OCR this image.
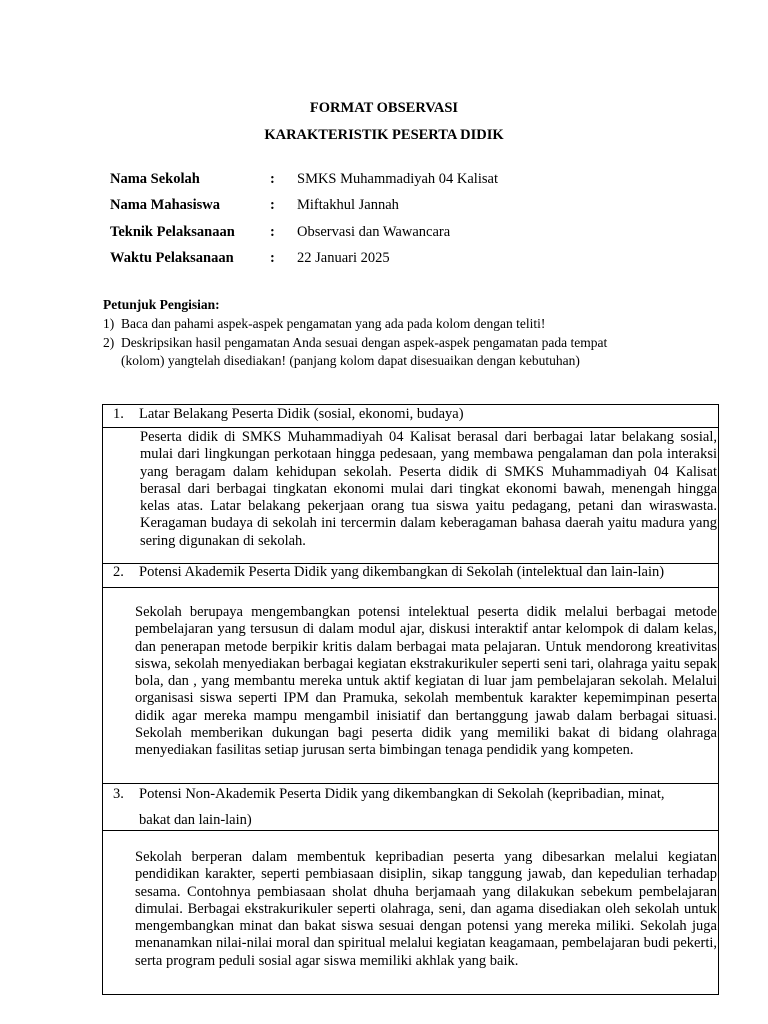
FORMAT OBSERVASI
KARAKTERISTIK PESERTA DIDIK
Nama Sekolah	: SMKS Muhammadiyah 04 Kalisat
Nama Mahasiswa	: Miftakhul Jannah
Teknik Pelaksanaan : Observasi dan Wawancara
Waktu Pelaksanaan	: 22 Januari 2025
Petunjuk Pengisian:
1) Baca dan pahami aspek-aspek pengamatan yang ada pada kolom dengan teliti!
2) Deskripsikan hasil pengamatan Anda sesuai dengan aspek-aspek pengamatan pada tempat
(kolom) yangtelah disediakan! (panjang kolom dapat disesuaikan dengan kebutuhan)
1. Latar Belakang Peserta Didik (sosial, ekonomi, budaya)
Peserta didik di SMKS Muhammadiyah 04 Kalisat berasal dari berbagai latar belakang sosial, mulai dari lingkungan perkotaan hingga pedesaan, yang membawa pengalaman dan pola interaksi yang beragam dalam kehidupan sekolah. Peserta didik di SMKS Muhammadiyah 04 Kalisat berasal dari berbagai tingkatan ekonomi mulai dari tingkat ekonomi bawah, menengah hingga kelas atas. Latar belakang pekerjaan orang tua siswa yaitu pedagang, petani dan wiraswasta. Keragaman budaya di sekolah ini tercermin dalam keberagaman bahasa daerah yaitu madura yang sering digunakan di sekolah.
2. Potensi Akademik Peserta Didik yang dikembangkan di Sekolah (intelektual dan lain-lain)
Sekolah berupaya mengembangkan potensi intelektual peserta didik melalui berbagai metode pembelajaran yang tersusun di dalam modul ajar, diskusi interaktif antar kelompok di dalam kelas, dan penerapan metode berpikir kritis dalam berbagai mata pelajaran. Untuk mendorong kreativitas siswa, sekolah menyediakan berbagai kegiatan ekstrakurikuler seperti seni tari, olahraga yaitu sepak bola, dan , yang membantu mereka untuk aktif kegiatan di luar jam pembelajaran sekolah. Melalui organisasi siswa seperti IPM dan Pramuka, sekolah membentuk karakter kepemimpinan peserta didik agar mereka mampu mengambil inisiatif dan bertanggung jawab dalam berbagai situasi. Sekolah memberikan dukungan bagi peserta didik yang memiliki bakat di bidang olahraga menyediakan fasilitas setiap jurusan serta bimbingan tenaga pendidik yang kompeten.
3. Potensi Non-Akademik Peserta Didik yang dikembangkan di Sekolah (kepribadian, minat,
bakat dan lain-lain)
Sekolah berperan dalam membentuk kepribadian peserta yang dibesarkan melalui kegiatan pendidikan karakter, seperti pembiasaan disiplin, sikap tanggung jawab, dan kepedulian terhadap sesama. Contohnya pembiasaan sholat dhuha berjamaah yang dilakukan sebekum pembelajaran dimulai. Berbagai ekstrakurikuler seperti olahraga, seni, dan agama disediakan oleh sekolah untuk mengembangkan minat dan bakat siswa sesuai dengan potensi yang mereka miliki. Sekolah juga menanamkan nilai-nilai moral dan spiritual melalui kegiatan keagamaan, pembelajaran budi pekerti, serta program peduli sosial agar siswa memiliki akhlak yang baik.
